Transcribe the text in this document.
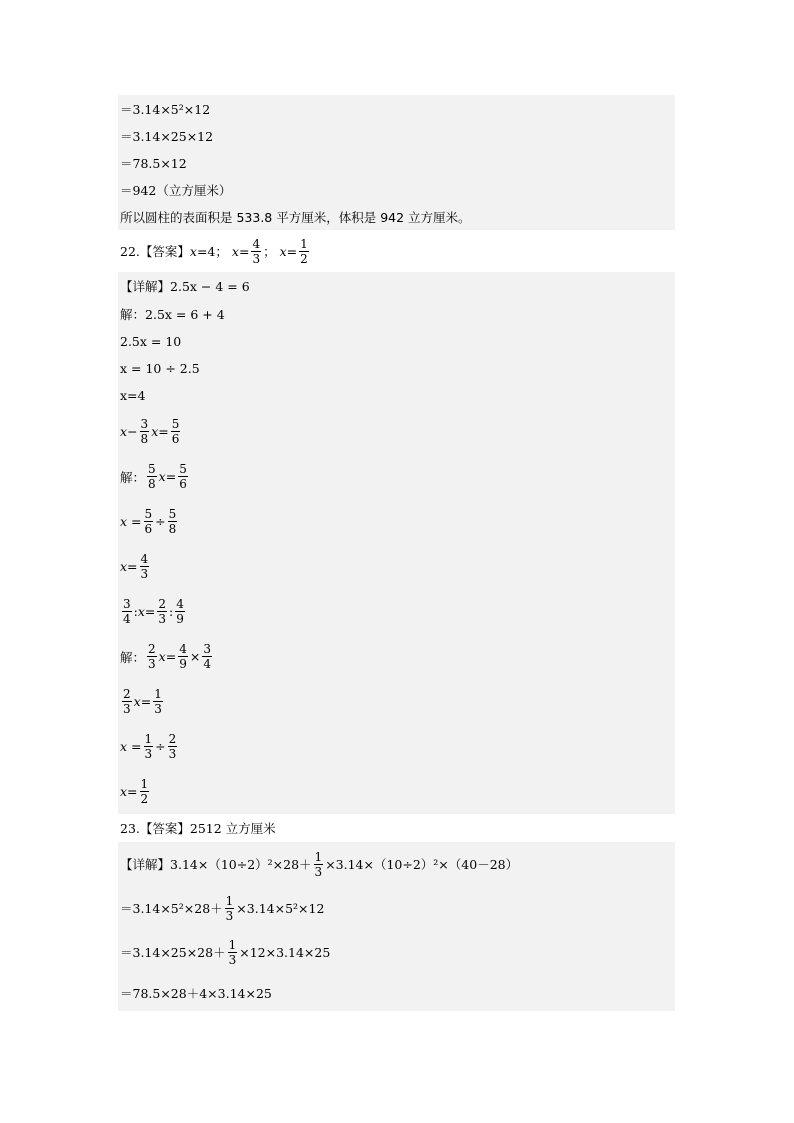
＝3.14×5²×12
＝3.14×25×12
＝78.5×12
＝942（立方厘米）
所以圆柱的表面积是 533.8 平方厘米，体积是 942 立方厘米。
22.【答案】 x =4； $x = \frac{4}{3}$ ； $x = \frac{1}{2}$
【详解】 2.5x − 4 = 6
解： 2.5x = 6 + 4
2.5x = 10
x = 10 ÷ 2.5
x=4
$x - \frac{3}{8}$ $x = \frac{5}{6}$
解： $\frac{5}{8}$ $x = \frac{5}{6}$
$x = \frac{5}{6} \div \frac{5}{8}$
$x= \frac{4}{3}$
$\frac{3}{4}$ : $x = \frac{2}{3}$ : $\frac{4}{9}$
解： $\frac{2}{3}$ $x = \frac{4}{9} \times \frac{3}{4}$
$\frac{2}{3}$ $x = \frac{1}{3}$
$x = \frac{1}{3} \div \frac{2}{3}$
$x= \frac{1}{2}$
23.【答案】2512 立方厘米
【详解】 $3.14\times(10\div 2)^2\times 28+ \frac{1}{3} \times 3.14\times(10\div 2)^2\times(40-28)$
$=3.14\times 5^2\times 28+ \frac{1}{3} \times 3.14\times 5^2\times 12$
$=3.14\times 25\times 28+ \frac{1}{3} \times 12\times 3.14\times 25$
＝78.5×28＋4×3.14×25
